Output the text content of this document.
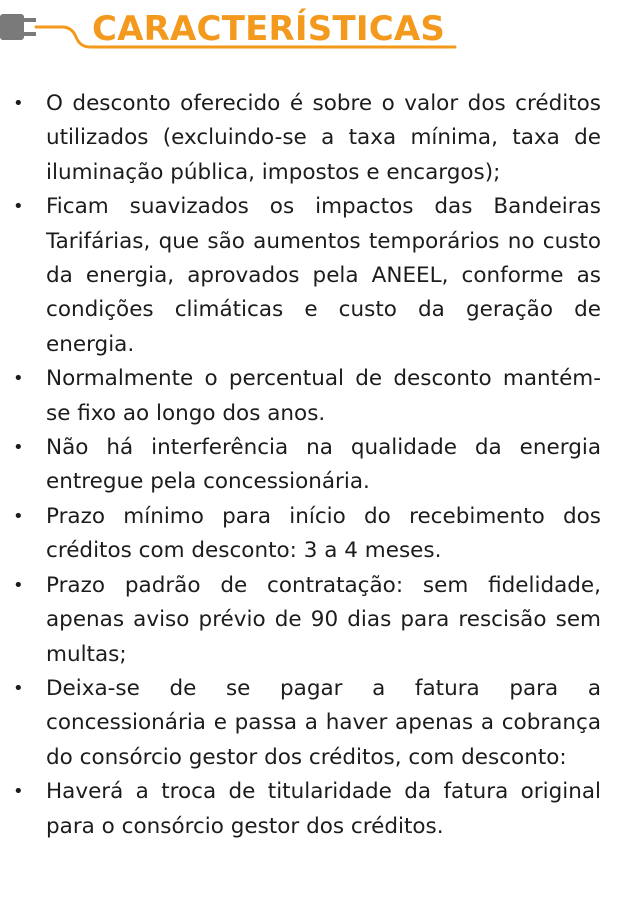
CARACTERÍSTICAS
• O desconto oferecido é sobre o valor dos créditos utilizados (excluindo-se a taxa mínima, taxa de iluminação pública, impostos e encargos);
• Ficam suavizados os impactos das Bandeiras Tarifárias, que são aumentos temporários no custo da energia, aprovados pela ANEEL, conforme as condições climáticas e custo da geração de energia.
• Normalmente o percentual de desconto mantém-se fixo ao longo dos anos.
• Não há interferência na qualidade da energia entregue pela concessionária.
• Prazo mínimo para início do recebimento dos créditos com desconto: 3 a 4 meses.
• Prazo padrão de contratação: sem fidelidade, apenas aviso prévio de 90 dias para rescisão sem multas;
• Deixa-se de se pagar a fatura para a concessionária e passa a haver apenas a cobrança do consórcio gestor dos créditos, com desconto:
• Haverá a troca de titularidade da fatura original para o consórcio gestor dos créditos.
